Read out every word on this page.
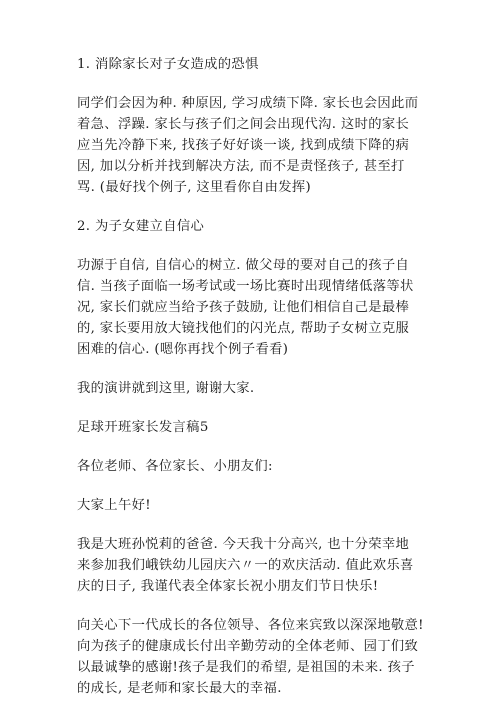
1. 消除家长对子女造成的恐惧

同学们会因为种. 种原因, 学习成绩下降. 家长也会因此而
着急、浮躁. 家长与孩子们之间会出现代沟. 这时的家长
应当先冷静下来, 找孩子好好谈一谈, 找到成绩下降的病
因, 加以分析并找到解决方法, 而不是责怪孩子, 甚至打
骂. (最好找个例子, 这里看你自由发挥)

2. 为子女建立自信心

功源于自信, 自信心的树立. 做父母的要对自己的孩子自
信. 当孩子面临一场考试或一场比赛时出现情绪低落等状
况, 家长们就应当给予孩子鼓励, 让他们相信自己是最棒
的, 家长要用放大镜找他们的闪光点, 帮助子女树立克服
困难的信心. (嗯你再找个例子看看)

我的演讲就到这里, 谢谢大家.

足球开班家长发言稿5

各位老师、各位家长、小朋友们:

大家上午好!

我是大班孙悦莉的爸爸. 今天我十分高兴, 也十分荣幸地
来参加我们峨铁幼儿园庆六〃一的欢庆活动. 值此欢乐喜
庆的日子, 我谨代表全体家长祝小朋友们节日快乐!

向关心下一代成长的各位领导、各位来宾致以深深地敬意!
向为孩子的健康成长付出辛勤劳动的全体老师、园丁们致
以最诚挚的感谢!孩子是我们的希望, 是祖国的未来. 孩子
的成长, 是老师和家长最大的幸福.
